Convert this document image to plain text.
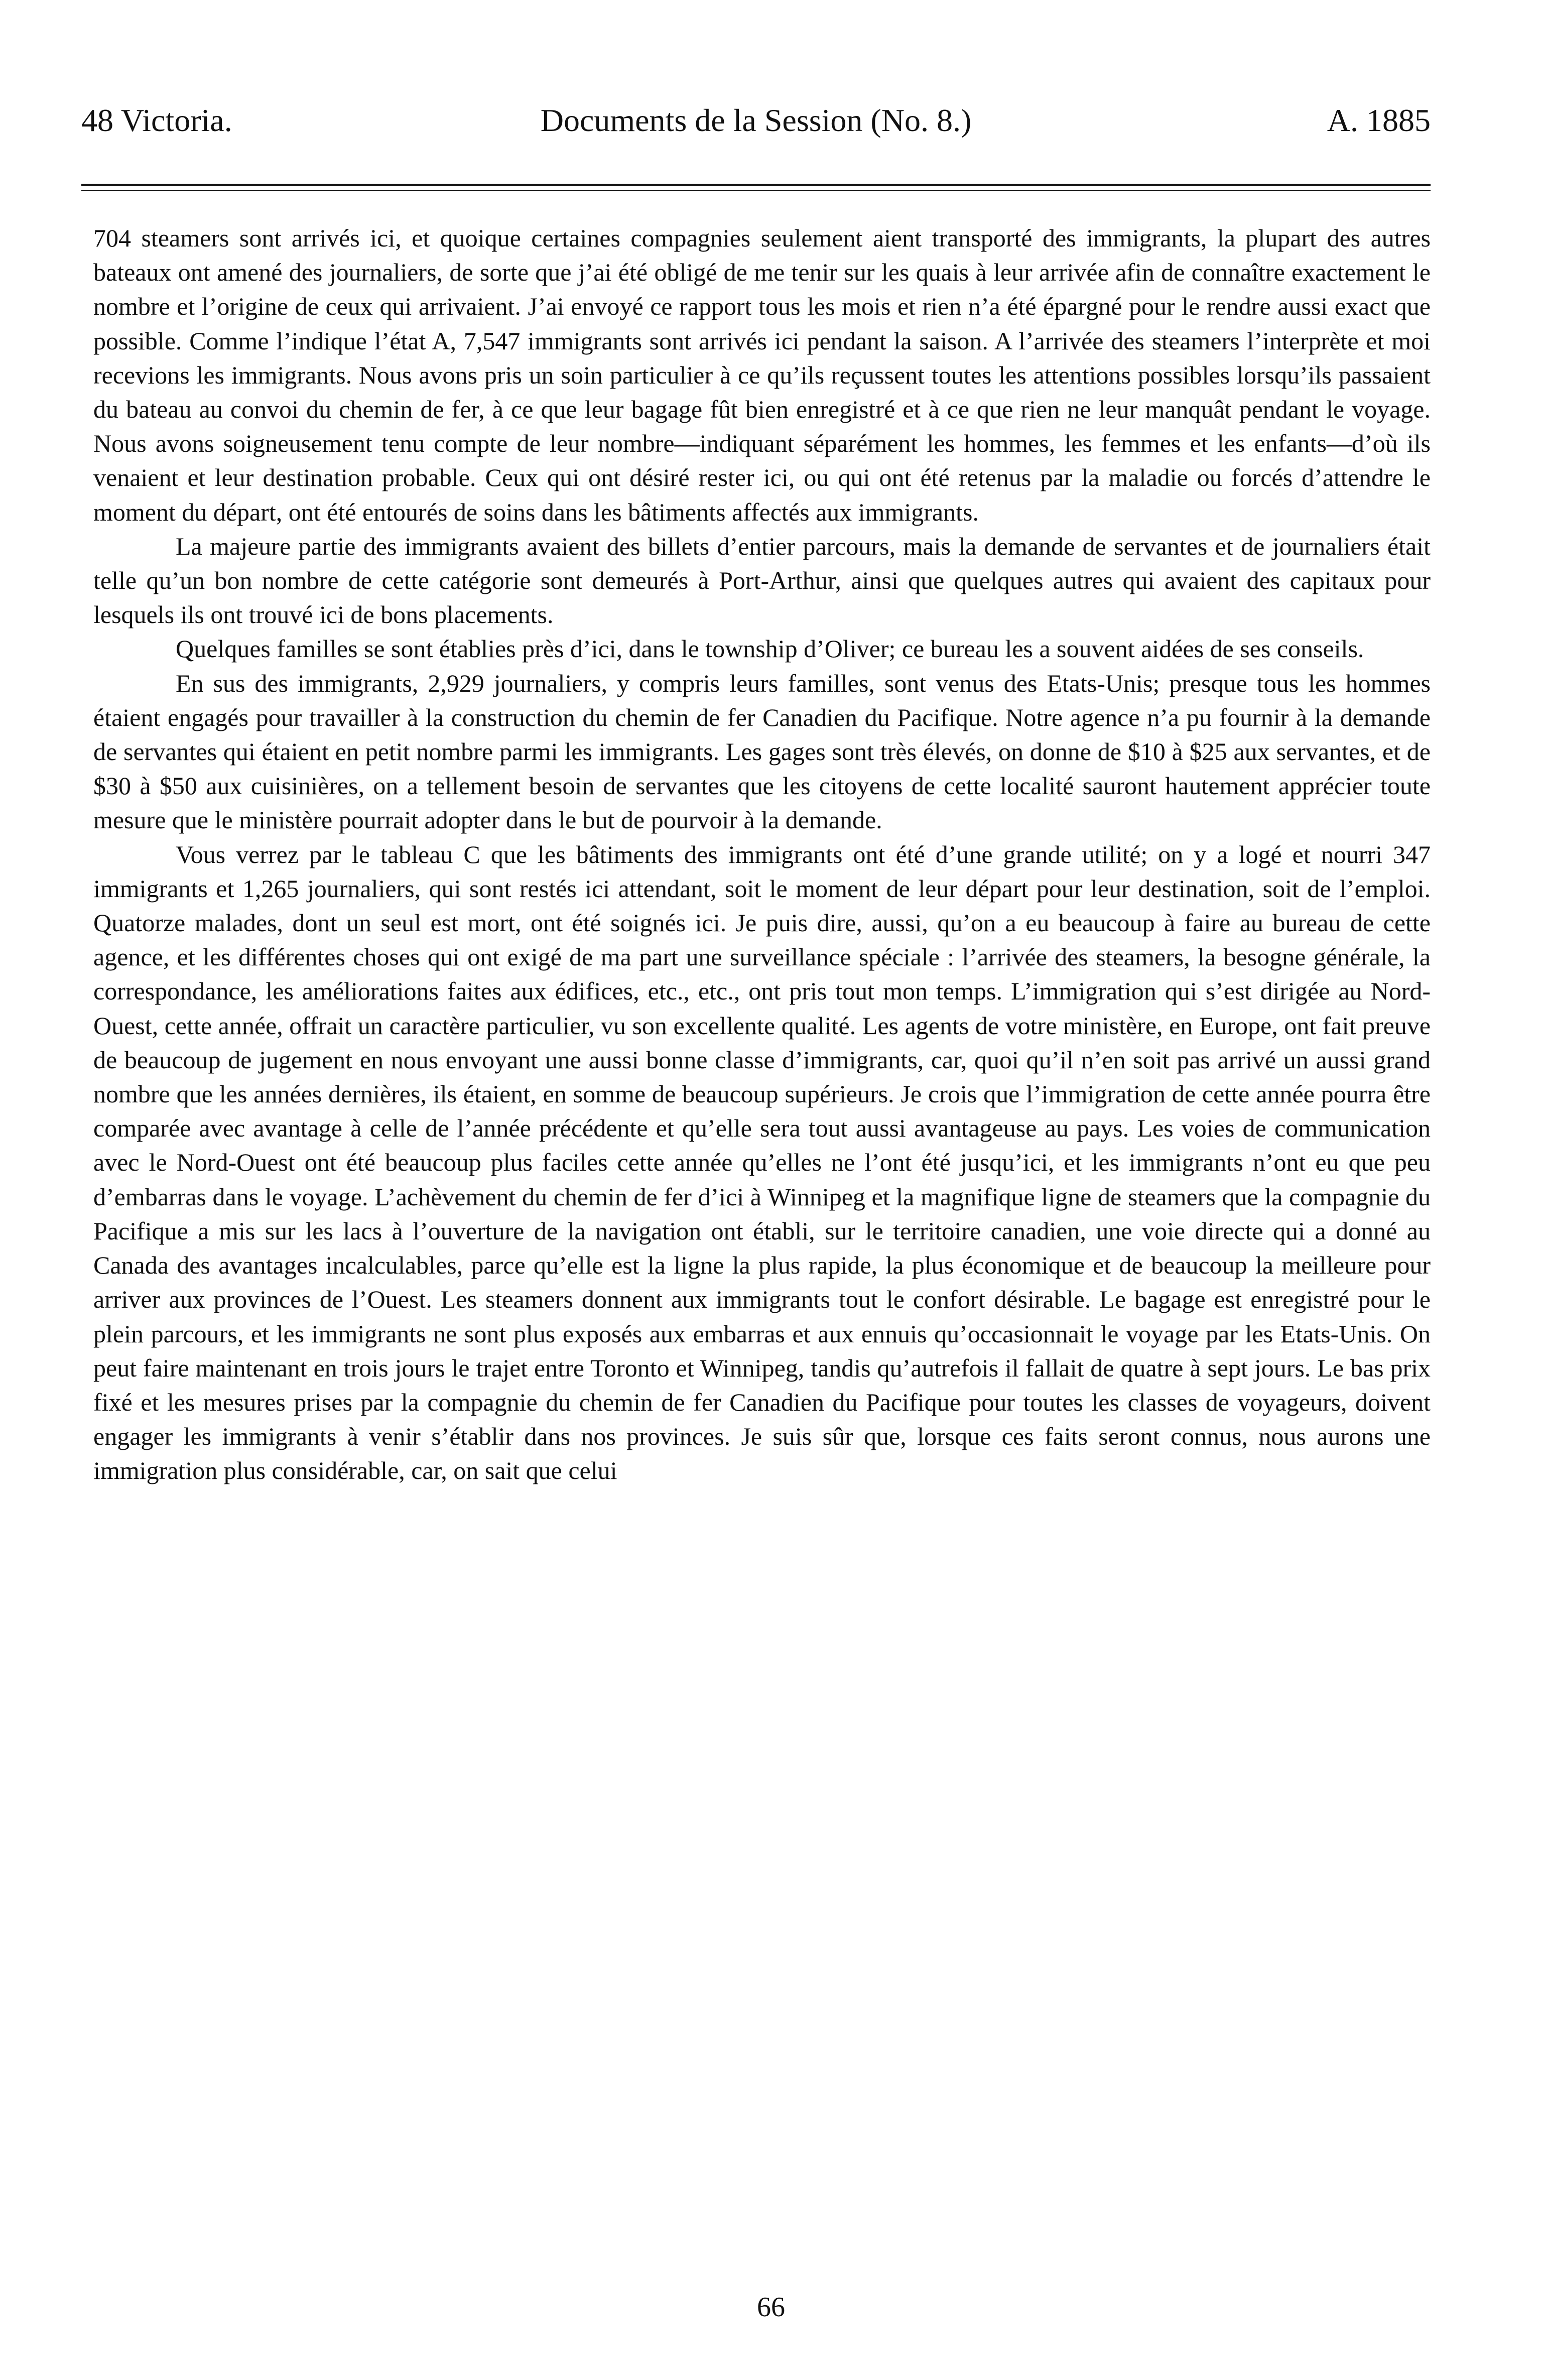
48 Victoria.	Documents de la Session (No. 8.)	A. 1885

704 steamers sont arrivés ici, et quoique certaines compagnies seulement aient transporté des immigrants, la plupart des autres bateaux ont amené des journaliers, de sorte que j’ai été obligé de me tenir sur les quais à leur arrivée afin de connaître exactement le nombre et l’origine de ceux qui arrivaient. J’ai envoyé ce rapport tous les mois et rien n’a été épargné pour le rendre aussi exact que possible. Comme l’indique l’état A, 7,547 immigrants sont arrivés ici pendant la saison. A l’arrivée des steamers l’interprète et moi recevions les immigrants. Nous avons pris un soin particulier à ce qu’ils reçussent toutes les attentions possibles lorsqu’ils passaient du bateau au convoi du chemin de fer, à ce que leur bagage fût bien enregistré et à ce que rien ne leur manquât pendant le voyage. Nous avons soigneusement tenu compte de leur nombre—indiquant séparément les hommes, les femmes et les enfants—d’où ils venaient et leur destination probable. Ceux qui ont désiré rester ici, ou qui ont été retenus par la maladie ou forcés d’attendre le moment du départ, ont été entourés de soins dans les bâtiments affectés aux immigrants.

La majeure partie des immigrants avaient des billets d’entier parcours, mais la demande de servantes et de journaliers était telle qu’un bon nombre de cette catégorie sont demeurés à Port-Arthur, ainsi que quelques autres qui avaient des capitaux pour lesquels ils ont trouvé ici de bons placements.

Quelques familles se sont établies près d’ici, dans le township d’Oliver; ce bureau les a souvent aidées de ses conseils.

En sus des immigrants, 2,929 journaliers, y compris leurs familles, sont venus des Etats-Unis; presque tous les hommes étaient engagés pour travailler à la construction du chemin de fer Canadien du Pacifique. Notre agence n’a pu fournir à la demande de servantes qui étaient en petit nombre parmi les immigrants. Les gages sont très élevés, on donne de $10 à $25 aux servantes, et de $30 à $50 aux cuisinières, on a tellement besoin de servantes que les citoyens de cette localité sauront hautement apprécier toute mesure que le ministère pourrait adopter dans le but de pourvoir à la demande.

Vous verrez par le tableau C que les bâtiments des immigrants ont été d’une grande utilité; on y a logé et nourri 347 immigrants et 1,265 journaliers, qui sont restés ici attendant, soit le moment de leur départ pour leur destination, soit de l’emploi. Quatorze malades, dont un seul est mort, ont été soignés ici. Je puis dire, aussi, qu’on a eu beaucoup à faire au bureau de cette agence, et les différentes choses qui ont exigé de ma part une surveillance spéciale : l’arrivée des steamers, la besogne générale, la correspondance, les améliorations faites aux édifices, etc., etc., ont pris tout mon temps. L’immigration qui s’est dirigée au Nord-Ouest, cette année, offrait un caractère particulier, vu son excellente qualité. Les agents de votre ministère, en Europe, ont fait preuve de beaucoup de jugement en nous envoyant une aussi bonne classe d’immigrants, car, quoi qu’il n’en soit pas arrivé un aussi grand nombre que les années dernières, ils étaient, en somme de beaucoup supérieurs. Je crois que l’immigration de cette année pourra être comparée avec avantage à celle de l’année précédente et qu’elle sera tout aussi avantageuse au pays. Les voies de communication avec le Nord-Ouest ont été beaucoup plus faciles cette année qu’elles ne l’ont été jusqu’ici, et les immigrants n’ont eu que peu d’embarras dans le voyage. L’achèvement du chemin de fer d’ici à Winnipeg et la magnifique ligne de steamers que la compagnie du Pacifique a mis sur les lacs à l’ouverture de la navigation ont établi, sur le territoire canadien, une voie directe qui a donné au Canada des avantages incalculables, parce qu’elle est la ligne la plus rapide, la plus économique et de beaucoup la meilleure pour arriver aux provinces de l’Ouest. Les steamers donnent aux immigrants tout le confort désirable. Le bagage est enregistré pour le plein parcours, et les immigrants ne sont plus exposés aux embarras et aux ennuis qu’occasionnait le voyage par les Etats-Unis. On peut faire maintenant en trois jours le trajet entre Toronto et Winnipeg, tandis qu’autrefois il fallait de quatre à sept jours. Le bas prix fixé et les mesures prises par la compagnie du chemin de fer Canadien du Pacifique pour toutes les classes de voyageurs, doivent engager les immigrants à venir s’établir dans nos provinces. Je suis sûr que, lorsque ces faits seront connus, nous aurons une immigration plus considérable, car, on sait que celui

66
